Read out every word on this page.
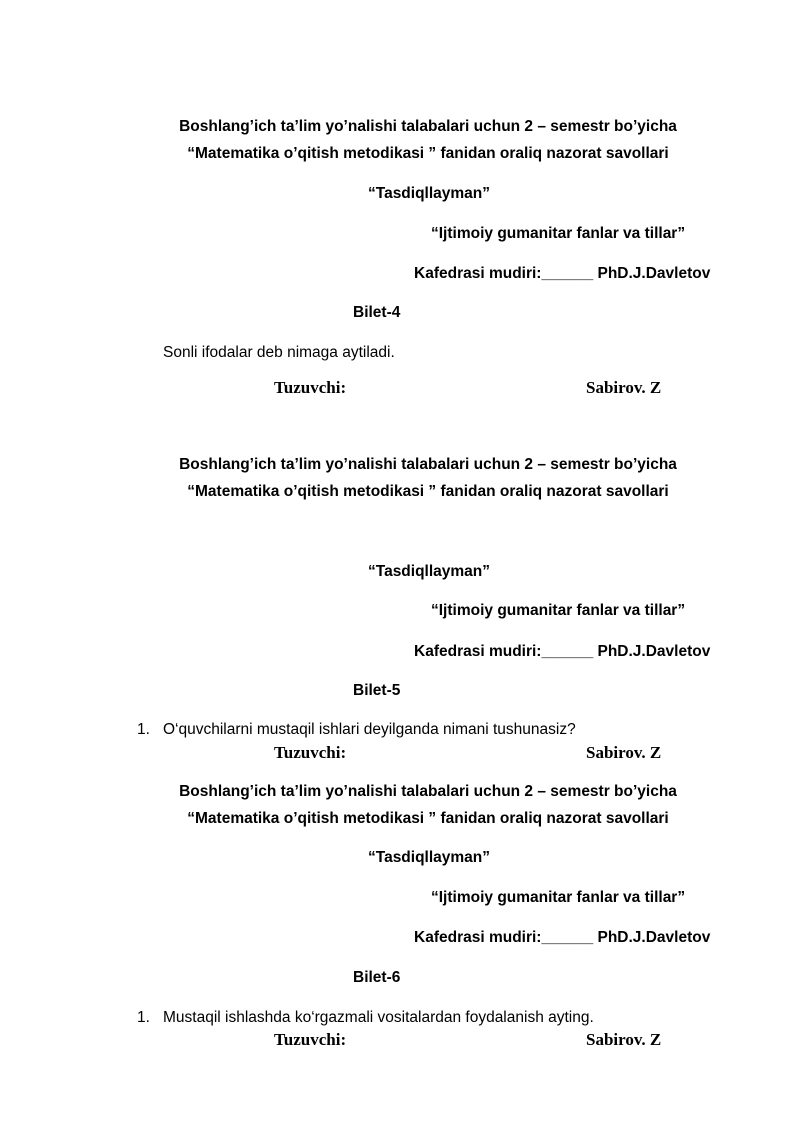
Boshlang’ich ta’lim yo’nalishi talabalari uchun 2 – semestr bo’yicha
“Matematika o’qitish metodikasi ” fanidan oraliq nazorat savollari
“Tasdiqllayman”
“Ijtimoiy gumanitar fanlar va tillar”
Kafedrasi mudiri:______ PhD.J.Davletov
Bilet-4
Sonli ifodalar deb nimaga aytiladi.
Tuzuvchi:	Sabirov. Z
Boshlang’ich ta’lim yo’nalishi talabalari uchun 2 – semestr bo’yicha
“Matematika o’qitish metodikasi ” fanidan oraliq nazorat savollari
“Tasdiqllayman”
“Ijtimoiy gumanitar fanlar va tillar”
Kafedrasi mudiri:______ PhD.J.Davletov
Bilet-5
1. O‘quvchilarni mustaqil ishlari deyilganda nimani tushunasiz?
Tuzuvchi:	Sabirov. Z
Boshlang’ich ta’lim yo’nalishi talabalari uchun 2 – semestr bo’yicha
“Matematika o’qitish metodikasi ” fanidan oraliq nazorat savollari
“Tasdiqllayman”
“Ijtimoiy gumanitar fanlar va tillar”
Kafedrasi mudiri:______ PhD.J.Davletov
Bilet-6
1. Mustaqil ishlashda ko‘rgazmali vositalardan foydalanish ayting.
Tuzuvchi:	Sabirov. Z
